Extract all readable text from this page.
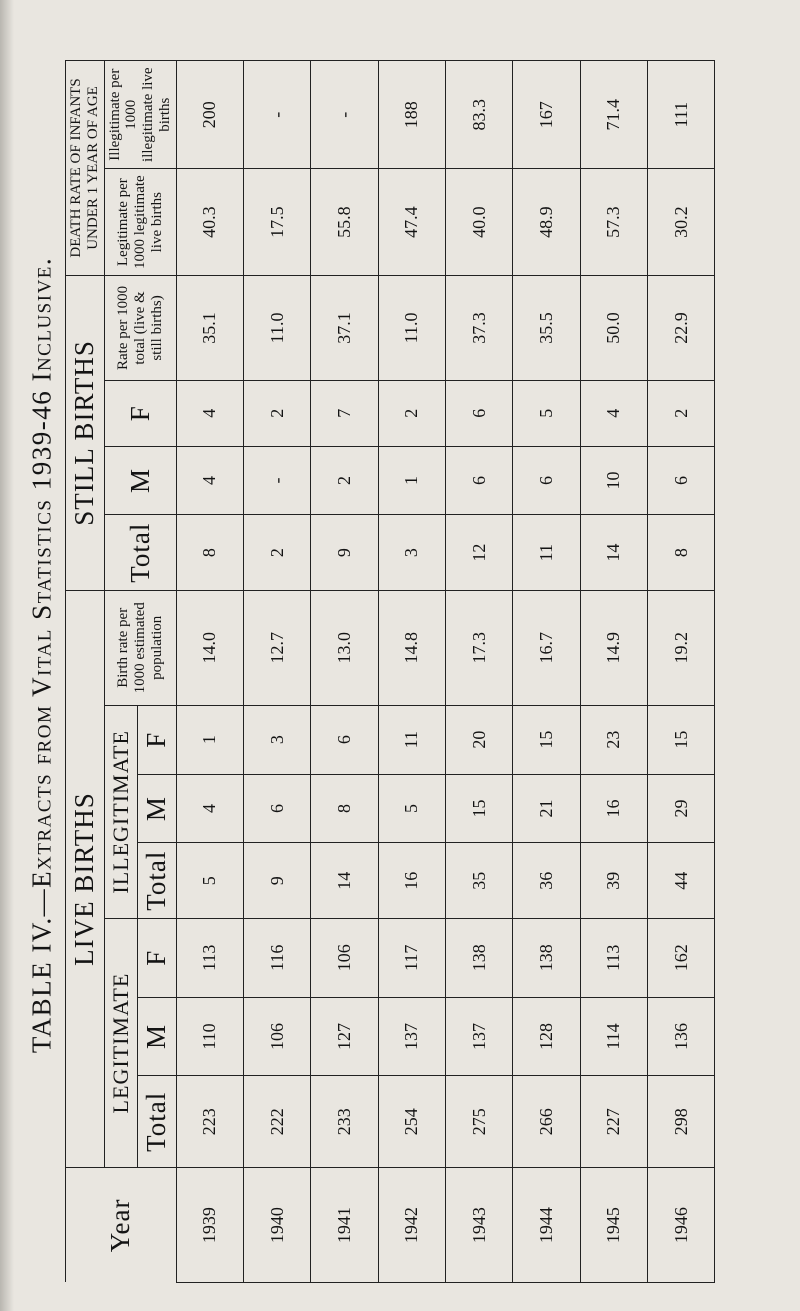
TABLE IV.—Extracts from Vital Statistics 1939-46 Inclusive.
Year	LIVE BIRTHS							STILL BIRTHS				DEATH RATE OF INFANTS UNDER 1 YEAR OF AGE	
	LEGITIMATE			ILLEGITIMATE			Birth rate per 1000 estimated population	Total	M	F	Rate per 1000 total (live & still births)	Legitimate per 1000 legitimate live births	Illegitimate per 1000 illegitimate live births
	Total	M	F	Total	M	F							
1939	223	110	113	5	4	1	14.0	8	4	4	35.1	40.3	200
1940	222	106	116	9	6	3	12.7	2	-	2	11.0	17.5	-
1941	233	127	106	14	8	6	13.0	9	2	7	37.1	55.8	-
1942	254	137	117	16	5	11	14.8	3	1	2	11.0	47.4	188
1943	275	137	138	35	15	20	17.3	12	6	6	37.3	40.0	83.3
1944	266	128	138	36	21	15	16.7	11	6	5	35.5	48.9	167
1945	227	114	113	39	16	23	14.9	14	10	4	50.0	57.3	71.4
1946	298	136	162	44	29	15	19.2	8	6	2	22.9	30.2	111
